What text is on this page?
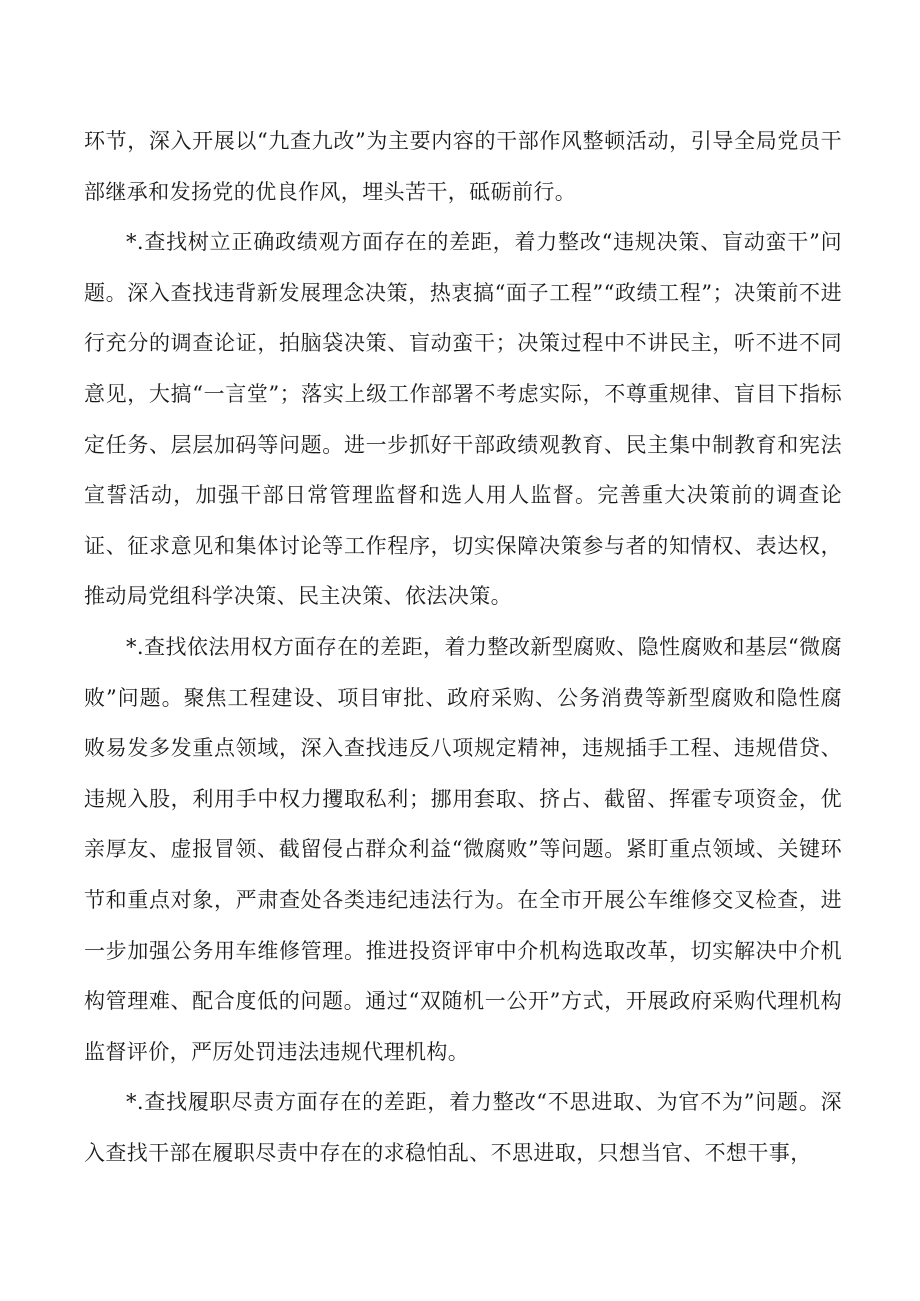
环节，深入开展以“九查九改”为主要内容的干部作风整顿活动，引导全局党员干部继承和发扬党的优良作风，埋头苦干，砥砺前行。

*.查找树立正确政绩观方面存在的差距，着力整改“违规决策、盲动蛮干”问题。深入查找违背新发展理念决策，热衷搞“面子工程”“政绩工程”；决策前不进行充分的调查论证，拍脑袋决策、盲动蛮干；决策过程中不讲民主，听不进不同意见，大搞“一言堂”；落实上级工作部署不考虑实际，不尊重规律、盲目下指标定任务、层层加码等问题。进一步抓好干部政绩观教育、民主集中制教育和宪法宣誓活动，加强干部日常管理监督和选人用人监督。完善重大决策前的调查论证、征求意见和集体讨论等工作程序，切实保障决策参与者的知情权、表达权，推动局党组科学决策、民主决策、依法决策。

*.查找依法用权方面存在的差距，着力整改新型腐败、隐性腐败和基层“微腐败”问题。聚焦工程建设、项目审批、政府采购、公务消费等新型腐败和隐性腐败易发多发重点领域，深入查找违反八项规定精神，违规插手工程、违规借贷、违规入股，利用手中权力攫取私利；挪用套取、挤占、截留、挥霍专项资金，优亲厚友、虚报冒领、截留侵占群众利益“微腐败”等问题。紧盯重点领域、关键环节和重点对象，严肃查处各类违纪违法行为。在全市开展公车维修交叉检查，进一步加强公务用车维修管理。推进投资评审中介机构选取改革，切实解决中介机构管理难、配合度低的问题。通过“双随机一公开”方式，开展政府采购代理机构监督评价，严厉处罚违法违规代理机构。

*.查找履职尽责方面存在的差距，着力整改“不思进取、为官不为”问题。深入查找干部在履职尽责中存在的求稳怕乱、不思进取，只想当官、不想干事，
